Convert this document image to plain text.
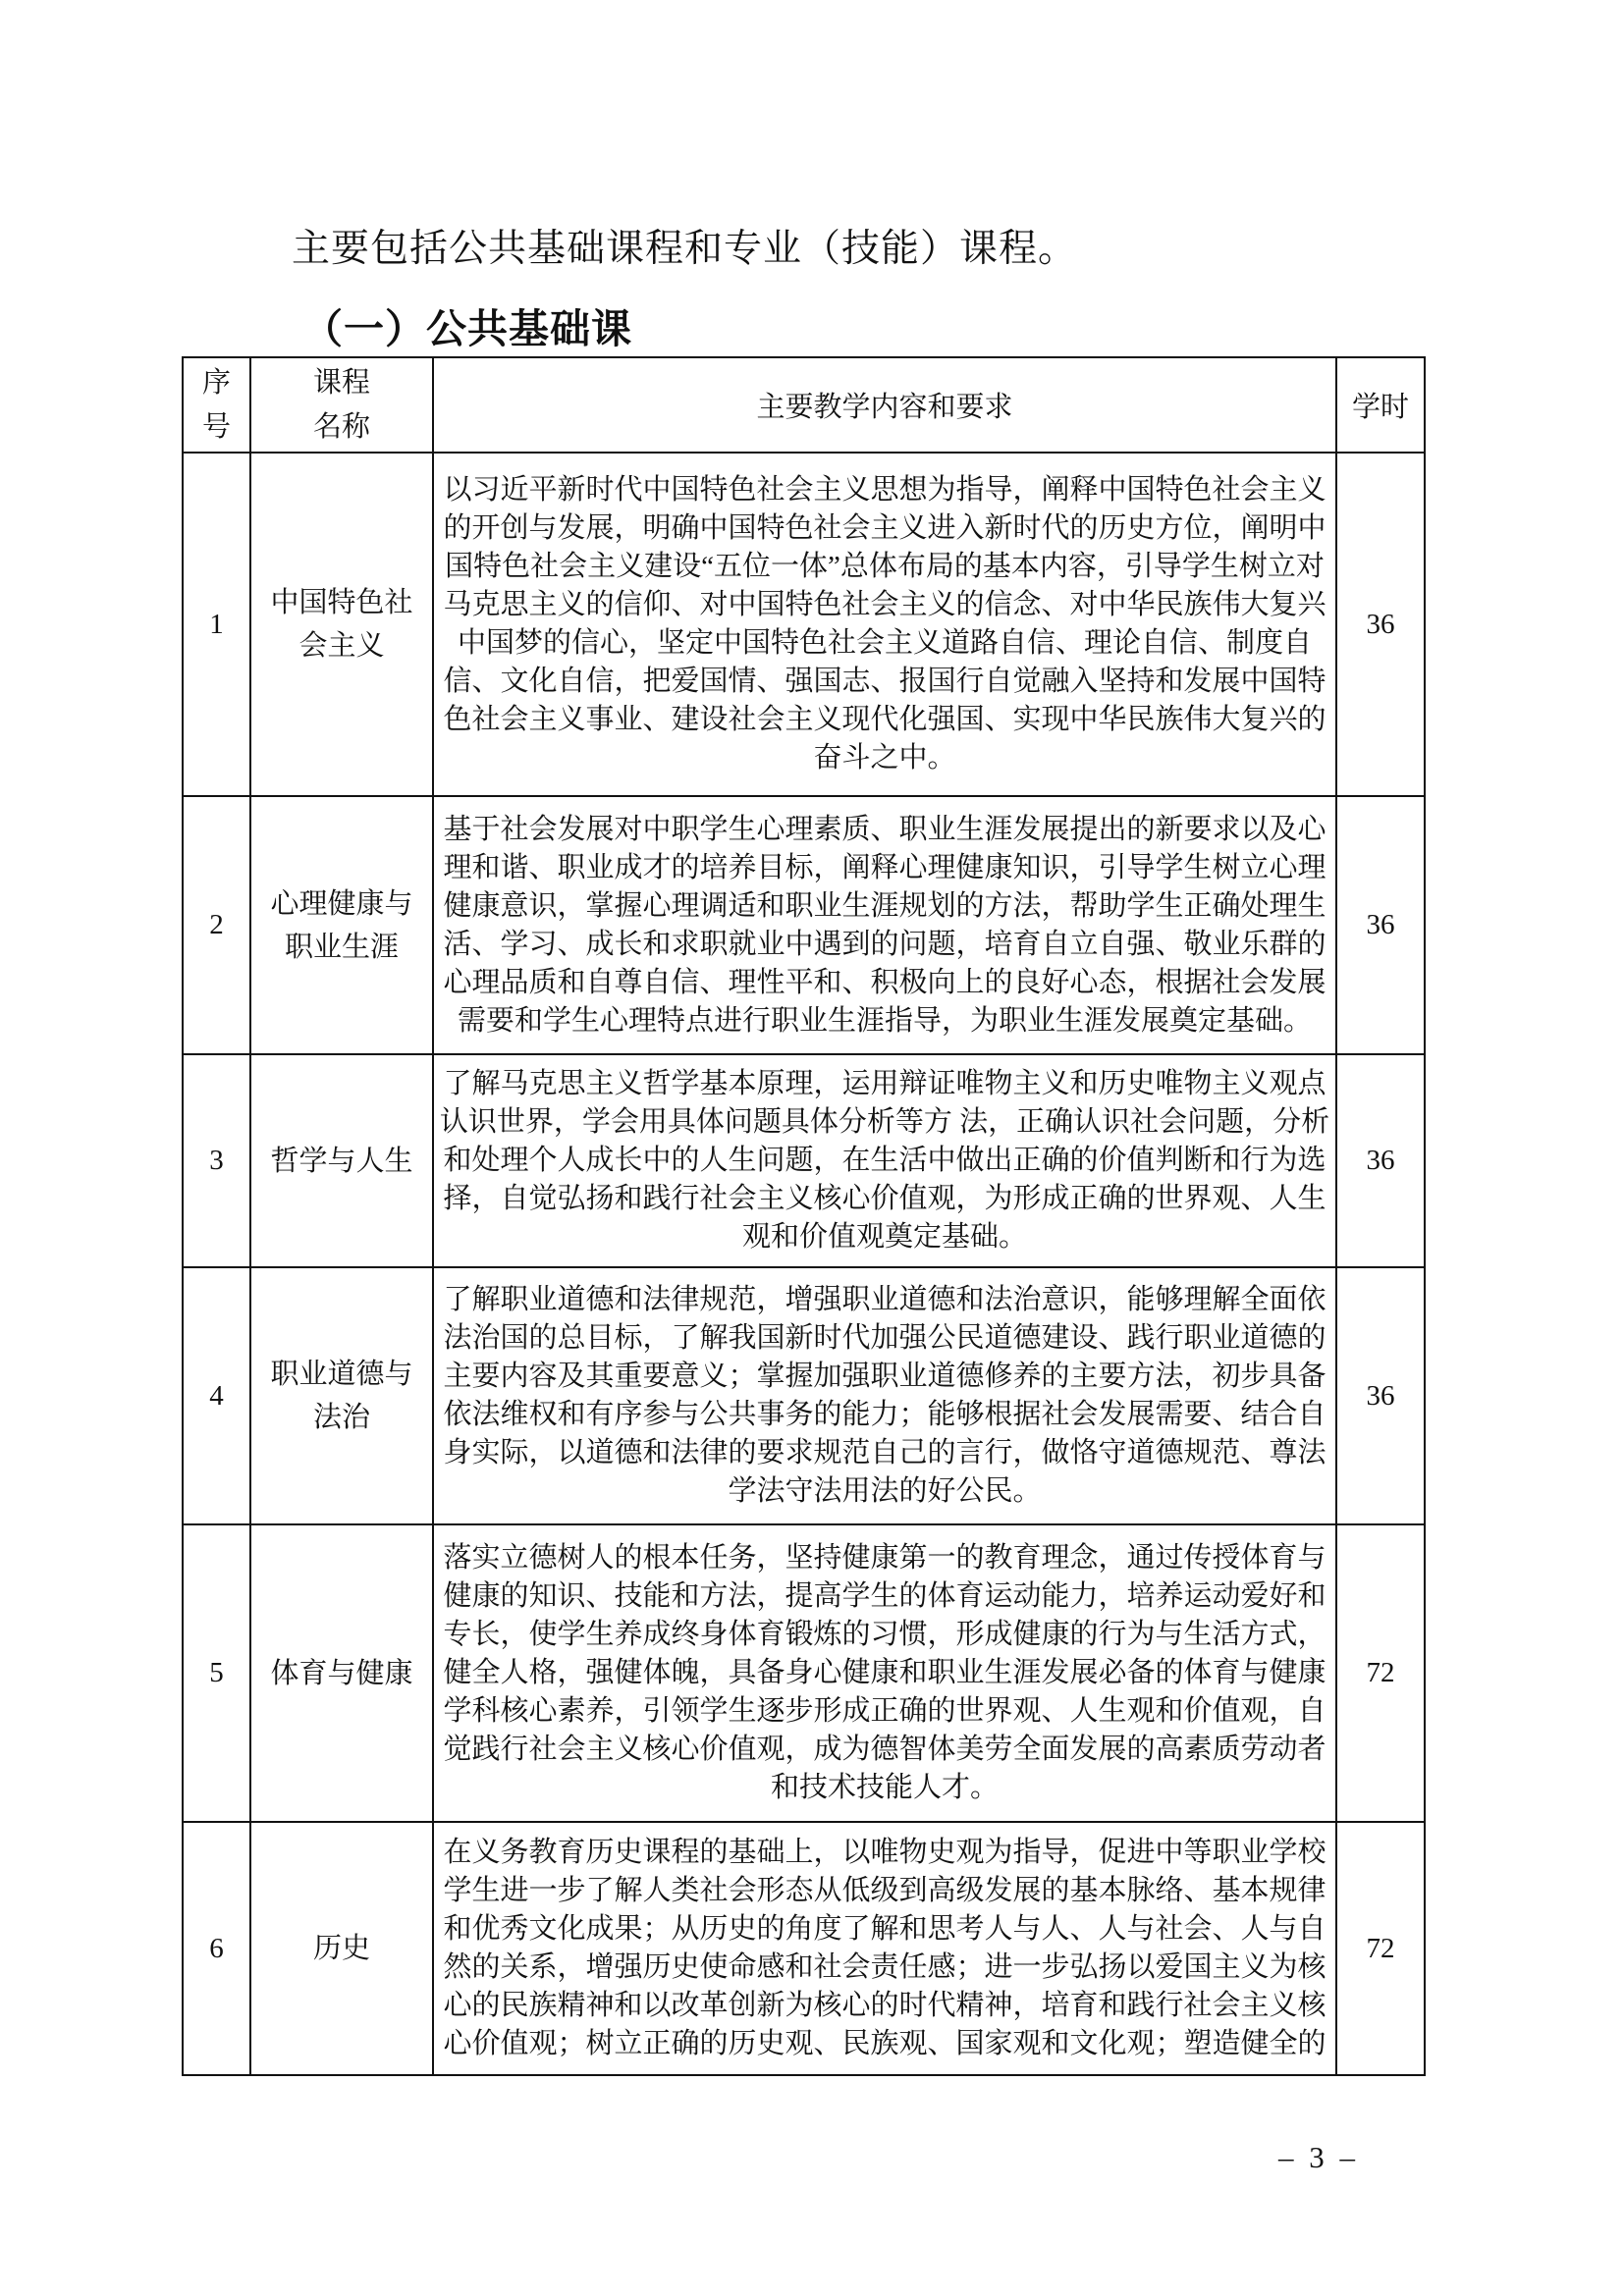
主要包括公共基础课程和专业（技能）课程。
（一）公共基础课
序号	课程名称	主要教学内容和要求	学时
1	中国特色社会主义	以习近平新时代中国特色社会主义思想为指导，阐释中国特色社会主义的开创与发展，明确中国特色社会主义进入新时代的历史方位，阐明中国特色社会主义建设“五位一体”总体布局的基本内容，引导学生树立对马克思主义的信仰、对中国特色社会主义的信念、对中华民族伟大复兴中国梦的信心，坚定中国特色社会主义道路自信、理论自信、制度自信、文化自信，把爱国情、强国志、报国行自觉融入坚持和发展中国特色社会主义事业、建设社会主义现代化强国、实现中华民族伟大复兴的奋斗之中。	36
2	心理健康与职业生涯	基于社会发展对中职学生心理素质、职业生涯发展提出的新要求以及心理和谐、职业成才的培养目标，阐释心理健康知识，引导学生树立心理健康意识，掌握心理调适和职业生涯规划的方法，帮助学生正确处理生活、学习、成长和求职就业中遇到的问题，培育自立自强、敬业乐群的心理品质和自尊自信、理性平和、积极向上的良好心态，根据社会发展需要和学生心理特点进行职业生涯指导，为职业生涯发展奠定基础。	36
3	哲学与人生	了解马克思主义哲学基本原理，运用辩证唯物主义和历史唯物主义观点认识世界，学会用具体问题具体分析等方 法，正确认识社会问题，分析和处理个人成长中的人生问题，在生活中做出正确的价值判断和行为选择，自觉弘扬和践行社会主义核心价值观，为形成正确的世界观、人生观和价值观奠定基础。	36
4	职业道德与法治	了解职业道德和法律规范，增强职业道德和法治意识，能够理解全面依法治国的总目标，了解我国新时代加强公民道德建设、践行职业道德的主要内容及其重要意义；掌握加强职业道德修养的主要方法，初步具备依法维权和有序参与公共事务的能力；能够根据社会发展需要、结合自身实际，以道德和法律的要求规范自己的言行，做恪守道德规范、尊法学法守法用法的好公民。	36
5	体育与健康	落实立德树人的根本任务，坚持健康第一的教育理念，通过传授体育与健康的知识、技能和方法，提高学生的体育运动能力，培养运动爱好和专长，使学生养成终身体育锻炼的习惯，形成健康的行为与生活方式，健全人格，强健体魄，具备身心健康和职业生涯发展必备的体育与健康学科核心素养，引领学生逐步形成正确的世界观、人生观和价值观，自觉践行社会主义核心价值观，成为德智体美劳全面发展的高素质劳动者和技术技能人才。	72
6	历史	在义务教育历史课程的基础上，以唯物史观为指导，促进中等职业学校学生进一步了解人类社会形态从低级到高级发展的基本脉络、基本规律和优秀文化成果；从历史的角度了解和思考人与人、人与社会、人与自然的关系，增强历史使命感和社会责任感；进一步弘扬以爱国主义为核心的民族精神和以改革创新为核心的时代精神，培育和践行社会主义核心价值观；树立正确的历史观、民族观、国家观和文化观；塑造健全的	72
– 3 –
